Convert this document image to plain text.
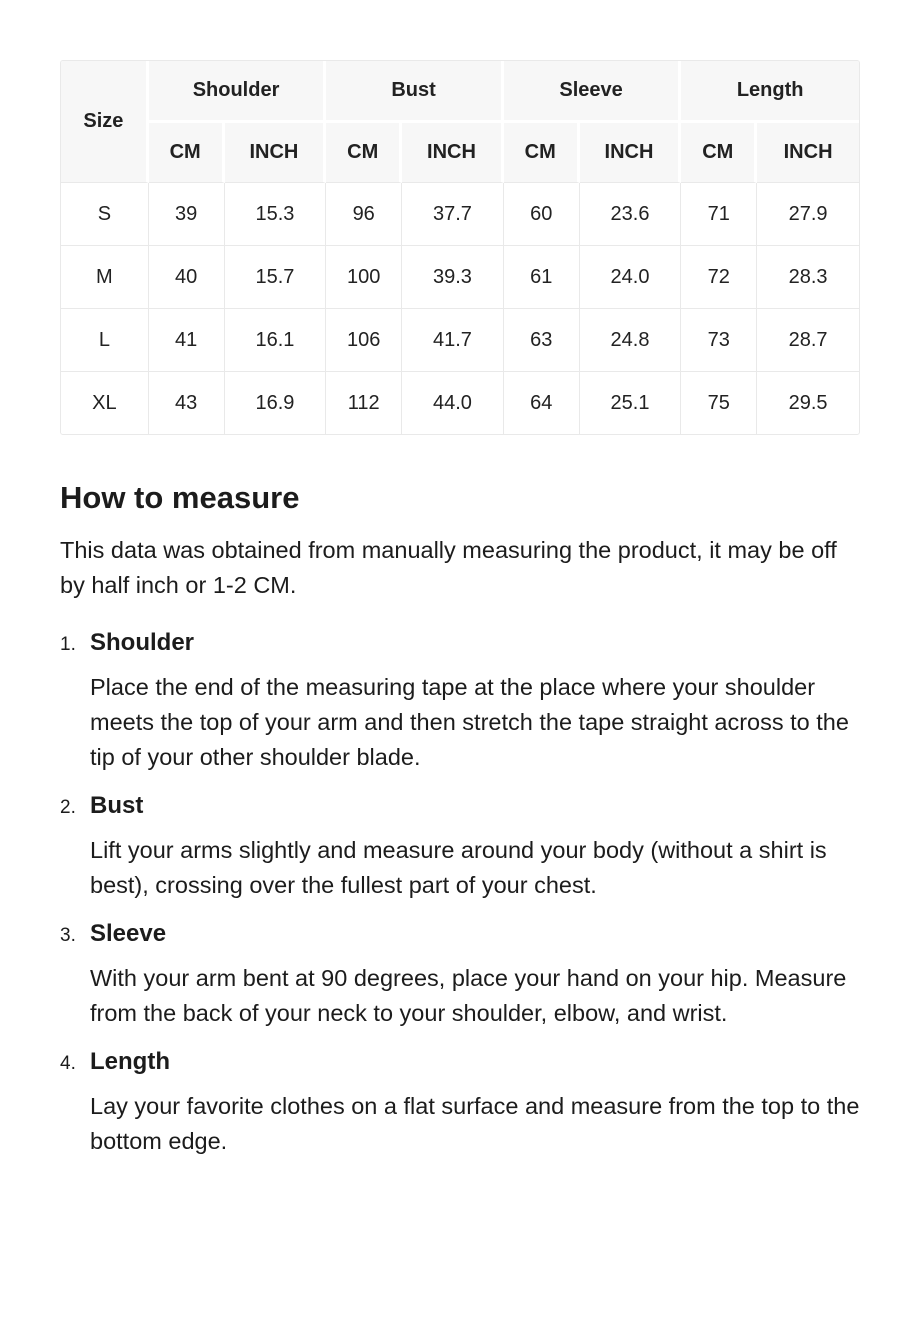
Size	Shoulder		Bust		Sleeve		Length	
	CM	INCH	CM	INCH	CM	INCH	CM	INCH
S	39	15.3	96	37.7	60	23.6	71	27.9
M	40	15.7	100	39.3	61	24.0	72	28.3
L	41	16.1	106	41.7	63	24.8	73	28.7
XL	43	16.9	112	44.0	64	25.1	75	29.5
How to measure

This data was obtained from manually measuring the product, it may be off by half inch or 1-2 CM.

1. Shoulder

Place the end of the measuring tape at the place where your shoulder meets the top of your arm and then stretch the tape straight across to the tip of your other shoulder blade.

2. Bust

Lift your arms slightly and measure around your body (without a shirt is best), crossing over the fullest part of your chest.

3. Sleeve

With your arm bent at 90 degrees, place your hand on your hip. Measure from the back of your neck to your shoulder, elbow, and wrist.

4. Length

Lay your favorite clothes on a flat surface and measure from the top to the bottom edge.
